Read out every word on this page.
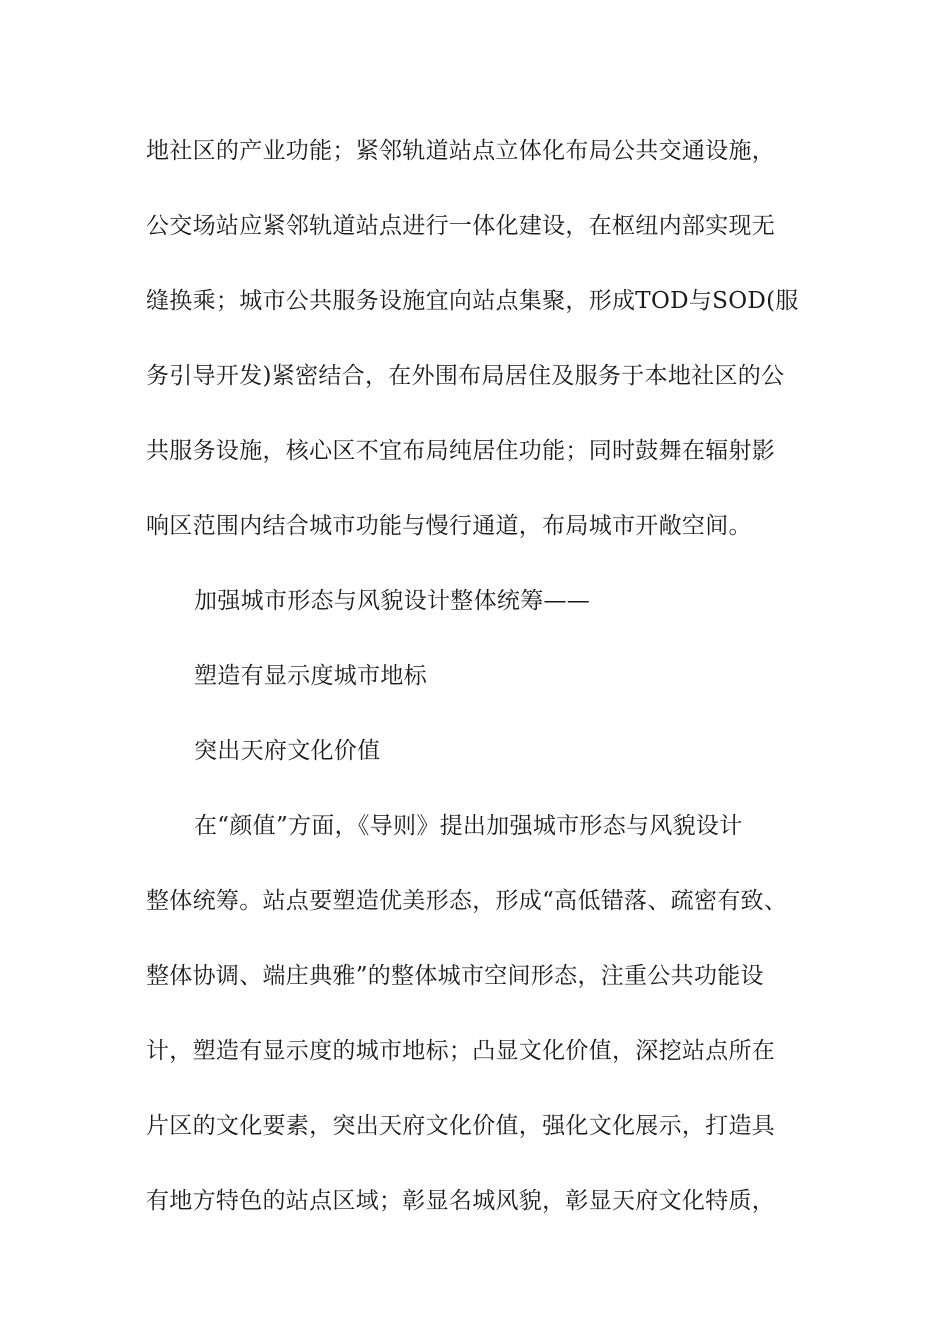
地社区的产业功能；紧邻轨道站点立体化布局公共交通设施，
公交场站应紧邻轨道站点进行一体化建设，在枢纽内部实现无
缝换乘；城市公共服务设施宜向站点集聚，形成TOD与SOD(服
务引导开发)紧密结合，在外围布局居住及服务于本地社区的公
共服务设施，核心区不宜布局纯居住功能；同时鼓舞在辐射影
响区范围内结合城市功能与慢行通道，布局城市开敞空间。
加强城市形态与风貌设计整体统筹——
塑造有显示度城市地标
突出天府文化价值
在“颜值”方面，《导则》提出加强城市形态与风貌设计
整体统筹。站点要塑造优美形态，形成“高低错落、疏密有致、
整体协调、端庄典雅”的整体城市空间形态，注重公共功能设
计，塑造有显示度的城市地标；凸显文化价值，深挖站点所在
片区的文化要素，突出天府文化价值，强化文化展示，打造具
有地方特色的站点区域；彰显名城风貌，彰显天府文化特质，
